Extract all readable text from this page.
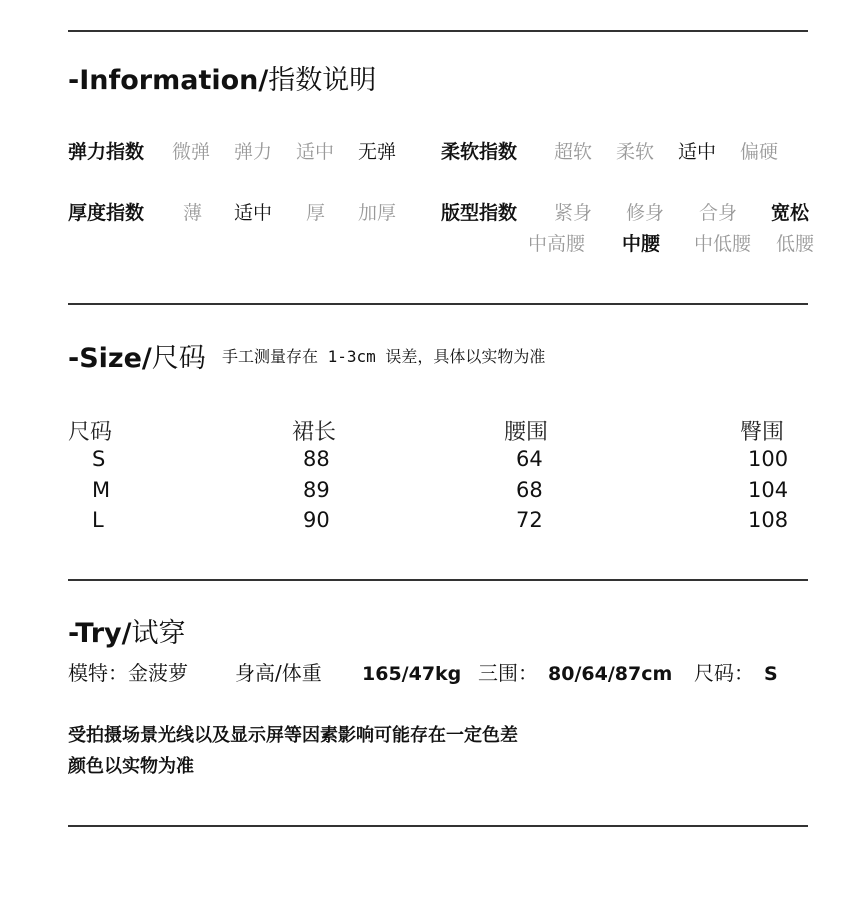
-Information/指数说明
弹力指数 微弹 弹力 适中 无弹 柔软指数 超软 柔软 适中 偏硬
厚度指数 薄 适中 厚 加厚 版型指数 紧身 修身 合身 宽松
中高腰 中腰 中低腰 低腰
-Size/尺码 手工测量存在 1-3cm 误差，具体以实物为准
尺码	裙长	腰围	臀围
S	88	64	100
M	89	68	104
L	90	72	108
-Try/试穿
模特：金菠萝 身高/体重 165/47kg 三围： 80/64/87cm 尺码： S
受拍摄场景光线以及显示屏等因素影响可能存在一定色差
颜色以实物为准
